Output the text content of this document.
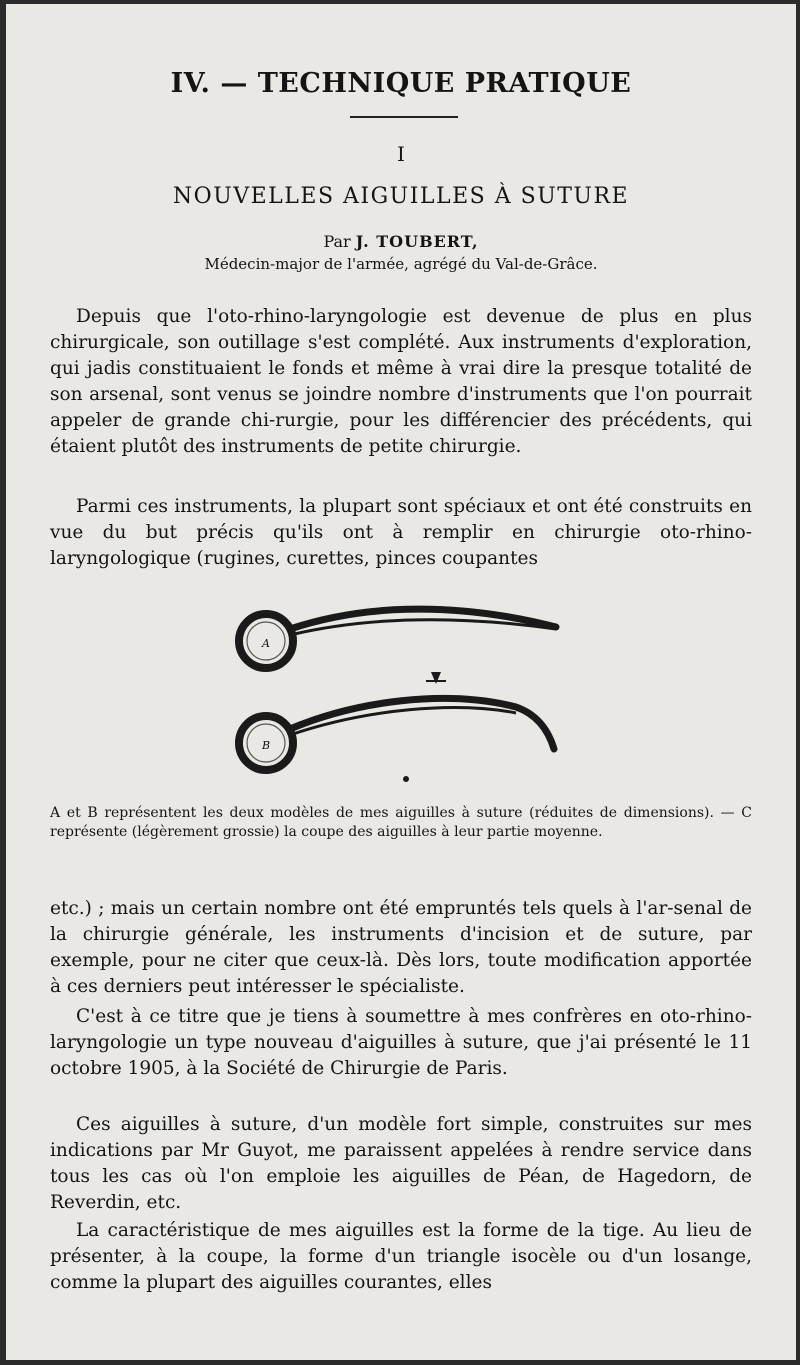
IV. — TECHNIQUE PRATIQUE
I
NOUVELLES AIGUILLES À SUTURE
Par J. TOUBERT,
Médecin-major de l'armée, agrégé du Val-de-Grâce.
Depuis que l'oto-rhino-laryngologie est devenue de plus en plus chirurgicale, son outillage s'est complété. Aux instruments d'exploration, qui jadis constituaient le fonds et même à vrai dire la presque totalité de son arsenal, sont venus se joindre nombre d'instruments que l'on pourrait appeler de grande chi-rurgie, pour les différencier des précédents, qui étaient plutôt des instruments de petite chirurgie.
Parmi ces instruments, la plupart sont spéciaux et ont été construits en vue du but précis qu'ils ont à remplir en chirurgie oto-rhino-laryngologique (rugines, curettes, pinces coupantes
A
B
A et B représentent les deux modèles de mes aiguilles à suture (réduites de dimensions). — C représente (légèrement grossie) la coupe des aiguilles à leur partie moyenne.
etc.) ; mais un certain nombre ont été empruntés tels quels à l'ar-senal de la chirurgie générale, les instruments d'incision et de suture, par exemple, pour ne citer que ceux-là. Dès lors, toute modification apportée à ces derniers peut intéresser le spécialiste.
C'est à ce titre que je tiens à soumettre à mes confrères en oto-rhino-laryngologie un type nouveau d'aiguilles à suture, que j'ai présenté le 11 octobre 1905, à la Société de Chirurgie de Paris.
Ces aiguilles à suture, d'un modèle fort simple, construites sur mes indications par Mr Guyot, me paraissent appelées à rendre service dans tous les cas où l'on emploie les aiguilles de Péan, de Hagedorn, de Reverdin, etc.
La caractéristique de mes aiguilles est la forme de la tige. Au lieu de présenter, à la coupe, la forme d'un triangle isocèle ou d'un losange, comme la plupart des aiguilles courantes, elles
